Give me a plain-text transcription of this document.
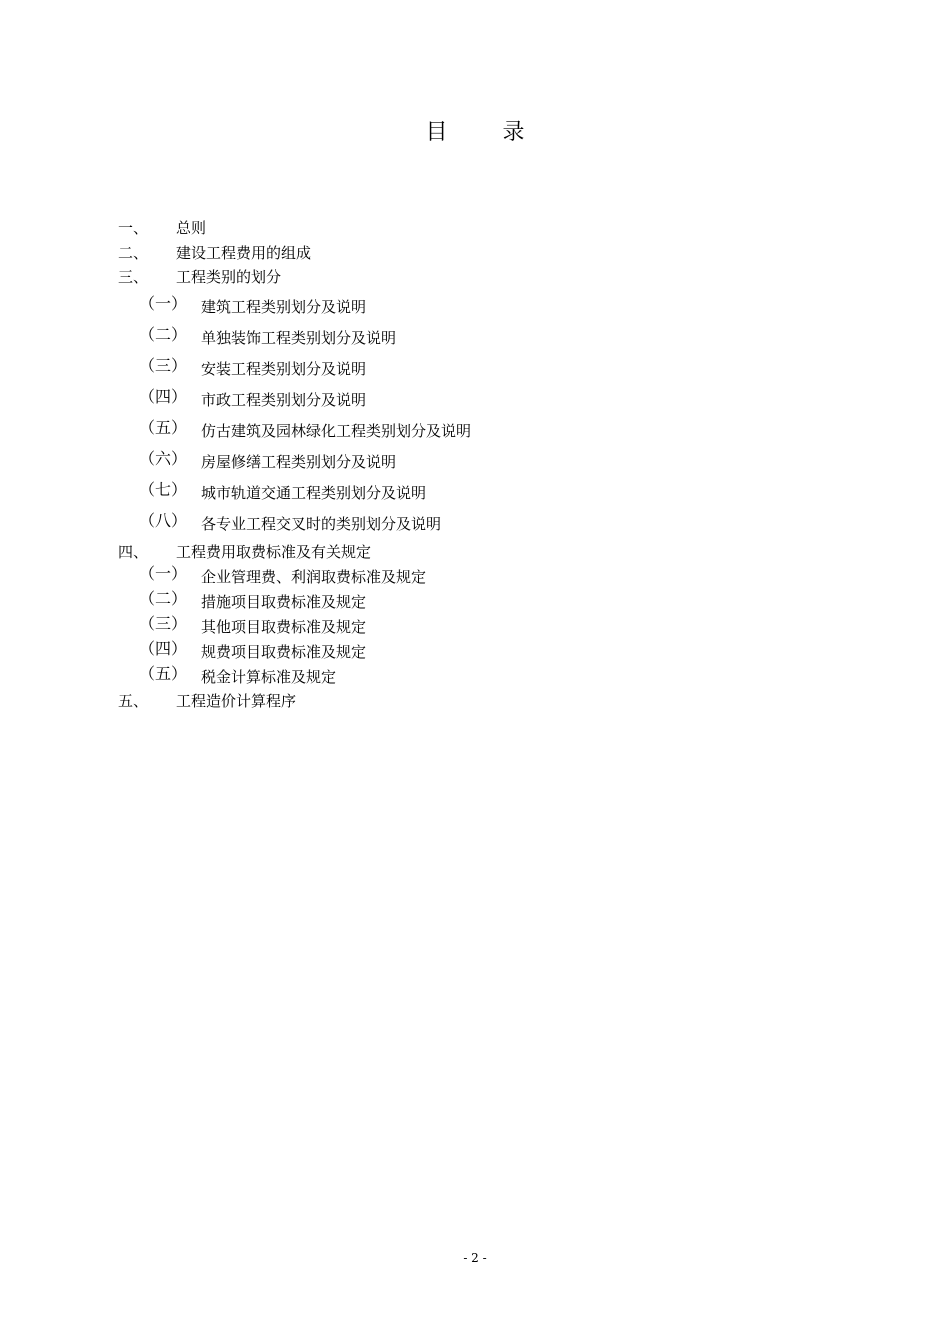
目 录
一、 总则
二、 建设工程费用的组成
三、 工程类别的划分
（一） 建筑工程类别划分及说明
（二） 单独装饰工程类别划分及说明
（三） 安装工程类别划分及说明
（四） 市政工程类别划分及说明
（五） 仿古建筑及园林绿化工程类别划分及说明
（六） 房屋修缮工程类别划分及说明
（七） 城市轨道交通工程类别划分及说明
（八） 各专业工程交叉时的类别划分及说明
四、 工程费用取费标准及有关规定
（一） 企业管理费、利润取费标准及规定
（二） 措施项目取费标准及规定
（三） 其他项目取费标准及规定
（四） 规费项目取费标准及规定
（五） 税金计算标准及规定
五、 工程造价计算程序
- 2 -
